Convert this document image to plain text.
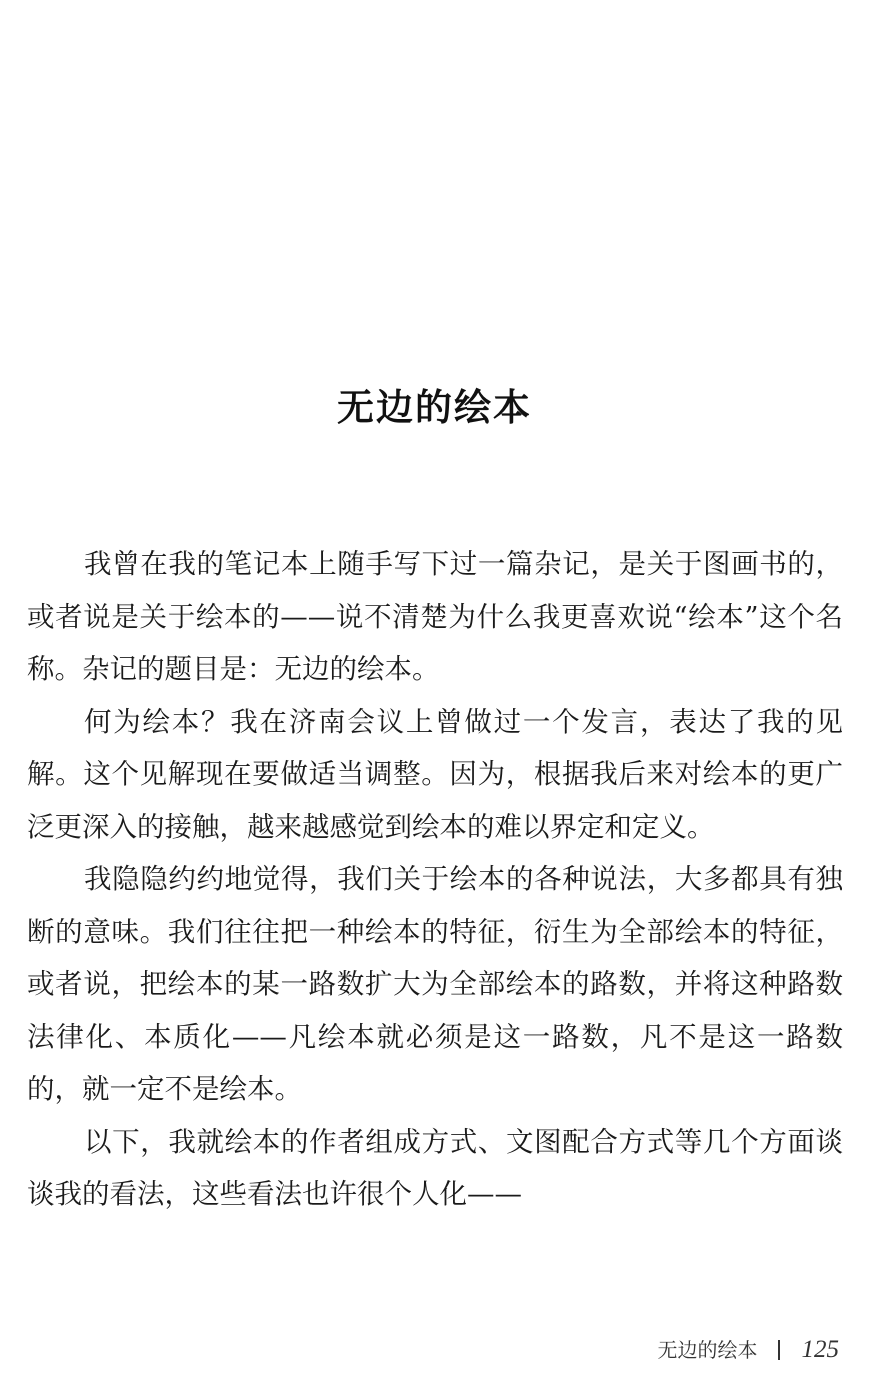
无边的绘本

我曾在我的笔记本上随手写下过一篇杂记，是关于图画书的，或者说是关于绘本的——说不清楚为什么我更喜欢说“绘本”这个名称。杂记的题目是：无边的绘本。

何为绘本？我在济南会议上曾做过一个发言，表达了我的见解。这个见解现在要做适当调整。因为，根据我后来对绘本的更广泛更深入的接触，越来越感觉到绘本的难以界定和定义。

我隐隐约约地觉得，我们关于绘本的各种说法，大多都具有独断的意味。我们往往把一种绘本的特征，衍生为全部绘本的特征，或者说，把绘本的某一路数扩大为全部绘本的路数，并将这种路数法律化、本质化——凡绘本就必须是这一路数，凡不是这一路数的，就一定不是绘本。

以下，我就绘本的作者组成方式、文图配合方式等几个方面谈谈我的看法，这些看法也许很个人化——

无边的绘本 125
